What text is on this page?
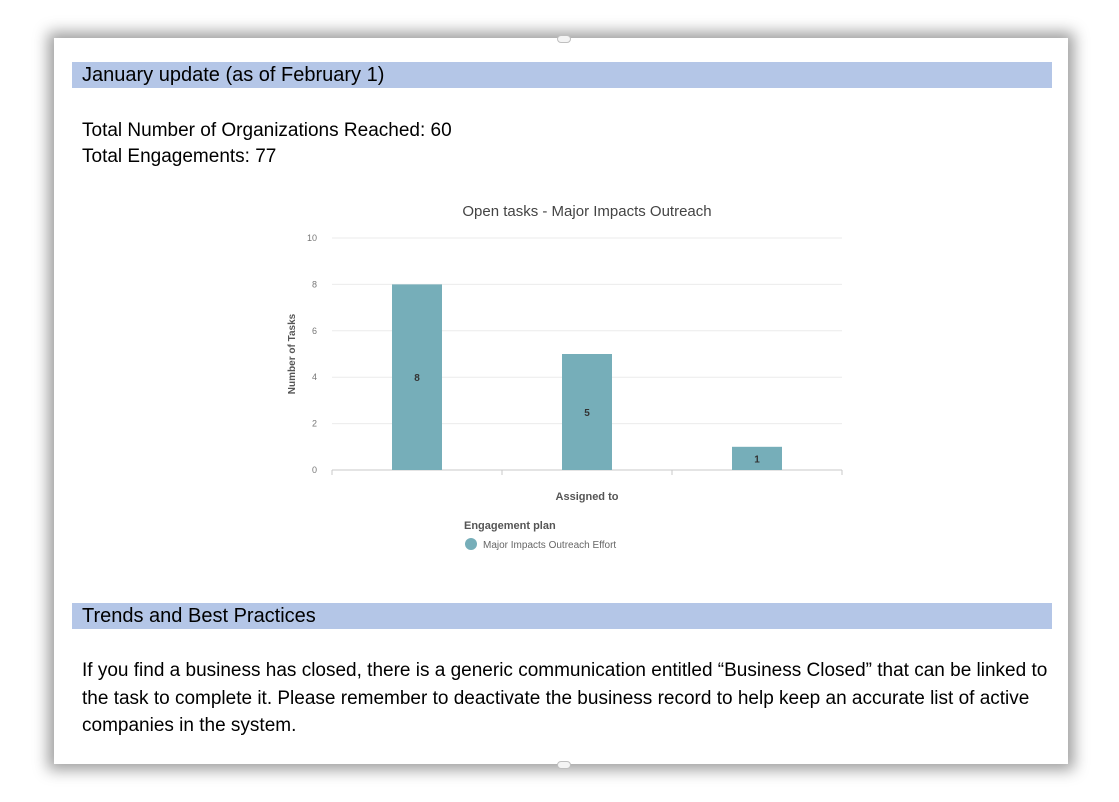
January update (as of February 1)
Total Number of Organizations Reached: 60
Total Engagements: 77
Open tasks - Major Impacts Outreach
0
2
4
6
8
10
8
5
1
Assigned to
Number of Tasks
Engagement plan
Major Impacts Outreach Effort
Trends and Best Practices

If you find a business has closed, there is a generic communication entitled “Business Closed” that can be linked to the task to complete it. Please remember to deactivate the business record to help keep an accurate list of active companies in the system.
